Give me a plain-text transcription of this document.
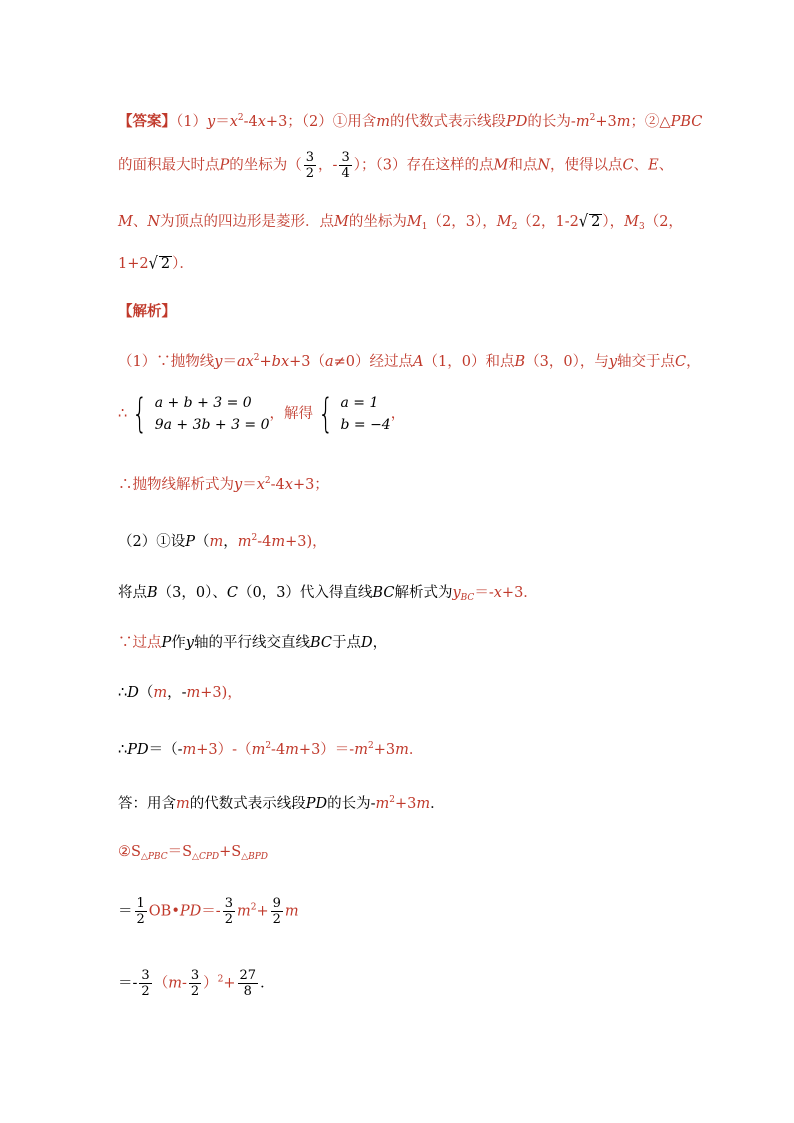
【答案】$(1)y=x^2-4x+3$；（2）①用含m的代数式表示线段PD的长为$-m^2+3m$；②△PBC
的面积最大时点P的坐标为（ $\frac{3}{2}$ ，- $\frac{3}{4}$ ）；（3）存在这样的点M和点N，使得以点C、E、
M、N为顶点的四边形是菱形．点M的坐标为$M_1(2$，3），$M_2(2$，1-2√ 2 ），$M_3(2$，
1+2√ 2 ）．
【解析】
（1）∵抛物线$y=ax^2+bx+3(a\ne 0)$经过点A（1，0）和点B（3，0），与y轴交于点C，
∴ { a + b + 3 = 0
9a + 3b + 3 = 0
，解得 { a = 1
b = −4
，
∴抛物线解析式为$y=x^2-4x+3$；
（2）①设P（m，$m^2-4m+3$)，
将点B（3，0）、C（0，3）代入得直线BC解析式为$y_{BC}=-x+3$．
∵过点P作y轴的平行线交直线BC于点D，
∴D（m，-m+3)，
$\therefore PD=(-m+3)-(m^2-4m+3)=-m^2+3m$．
答：用含m的代数式表示线段PD的长为$-m^2+3m$．
$②S_{\triangle PBC}=S_{\triangle CPD}+S_{\triangle BPD}$
＝ $\frac{1}{2}$ OB•PD＝- $\frac{3}{2} m^2+ \frac{9}{2}$ m
＝- $\frac{3}{2} (m- \frac{3}{2} )^2+ \frac{27}{8}$ ．
